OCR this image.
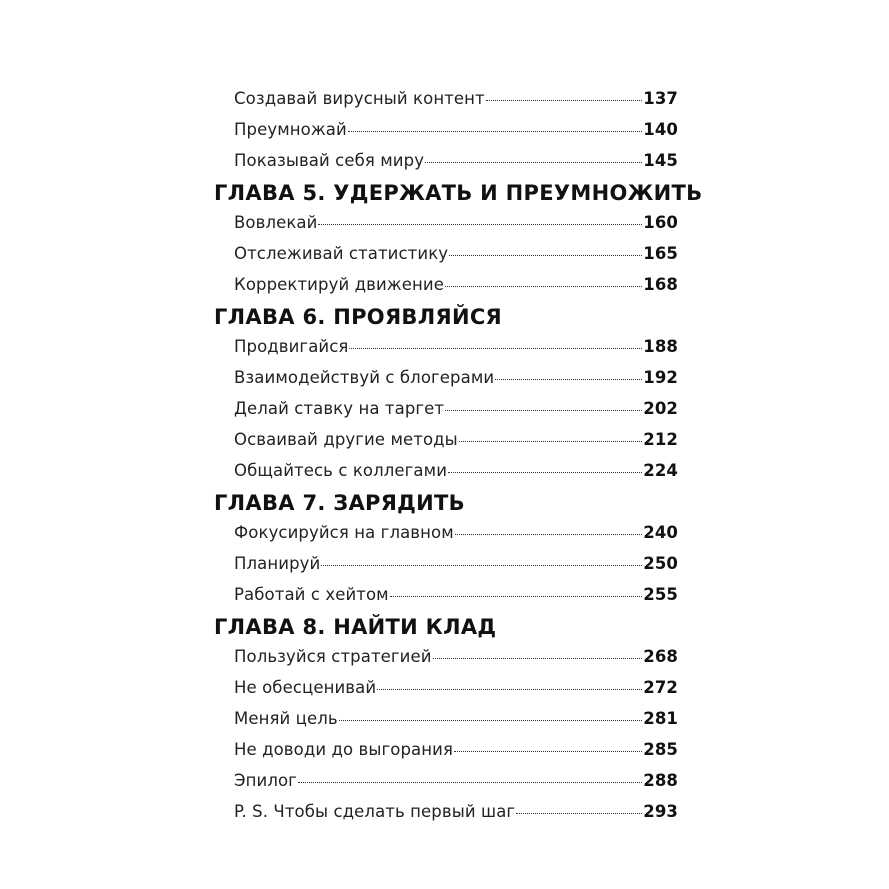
Создавай вирусный контент	137
Преумножай	140
Показывай себя миру	145
ГЛАВА 5. УДЕРЖАТЬ И ПРЕУМНОЖИТЬ
Вовлекай	160
Отслеживай статистику	165
Корректируй движение	168
ГЛАВА 6. ПРОЯВЛЯЙСЯ
Продвигайся	188
Взаимодействуй с блогерами	192
Делай ставку на таргет	202
Осваивай другие методы	212
Общайтесь с коллегами	224
ГЛАВА 7. ЗАРЯДИТЬ
Фокусируйся на главном	240
Планируй	250
Работай с хейтом	255
ГЛАВА 8. НАЙТИ КЛАД
Пользуйся стратегией	268
Не обесценивай	272
Меняй цель	281
Не доводи до выгорания	285
Эпилог	288
P. S. Чтобы сделать первый шаг	293
